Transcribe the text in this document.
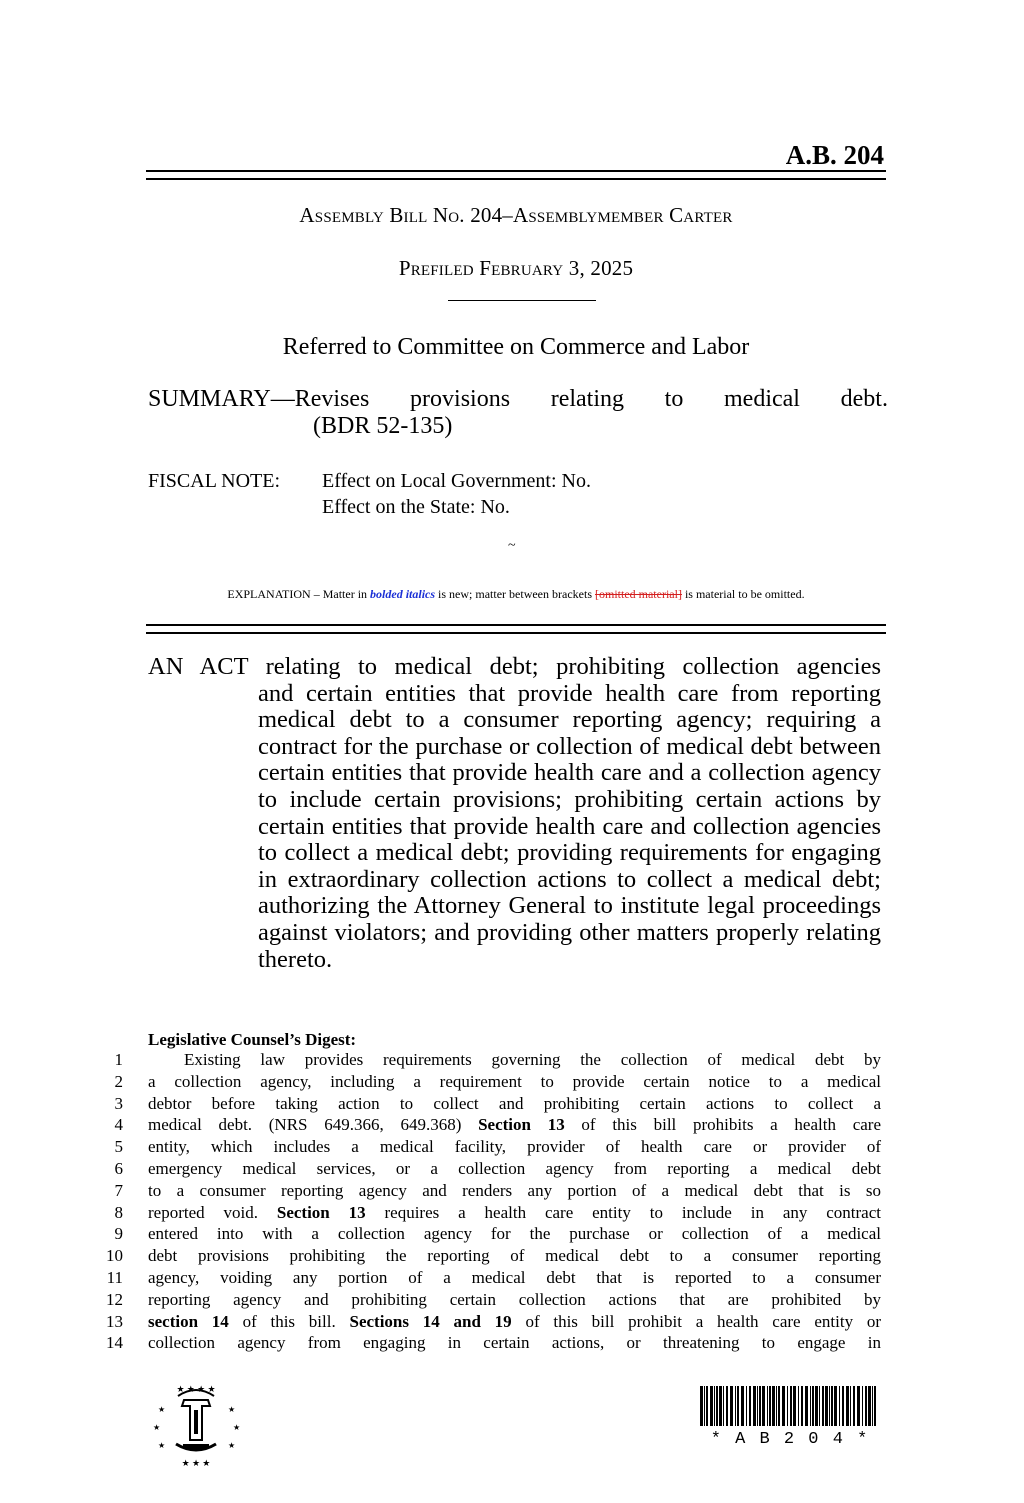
A.B. 204
Assembly Bill No. 204–Assemblymember Carter
Prefiled February 3, 2025
Referred to Committee on Commerce and Labor
SUMMARY—Revises provisions relating to medical debt.
(BDR 52-135)
FISCAL NOTE: Effect on Local Government: No.
Effect on the State: No.
~
EXPLANATION – Matter in bolded italics is new; matter between brackets [omitted material] is material to be omitted.
AN ACT relating to medical debt; prohibiting collection agencies
and certain entities that provide health care from reporting medical debt to a consumer reporting agency; requiring a contract for the purchase or collection of medical debt between certain entities that provide health care and a collection agency to include certain provisions; prohibiting certain actions by certain entities that provide health care and collection agencies to collect a medical debt; providing requirements for engaging in extraordinary collection actions to collect a medical debt; authorizing the Attorney General to institute legal proceedings against violators; and providing other matters properly relating thereto.
Legislative Counsel’s Digest:
1	Existing law provides requirements governing the collection of medical debt by
2 a collection agency, including a requirement to provide certain notice to a medical
3 debtor before taking action to collect and prohibiting certain actions to collect a
4 medical debt. (NRS 649.366, 649.368) Section 13 of this bill prohibits a health care
5 entity, which includes a medical facility, provider of health care or provider of
6 emergency medical services, or a collection agency from reporting a medical debt
7 to a consumer reporting agency and renders any portion of a medical debt that is so
8 reported void. Section 13 requires a health care entity to include in any contract
9 entered into with a collection agency for the purchase or collection of a medical
10 debt provisions prohibiting the reporting of medical debt to a consumer reporting
11 agency, voiding any portion of a medical debt that is reported to a consumer
12 reporting agency and prohibiting certain collection actions that are prohibited by
13 section 14 of this bill. Sections 14 and 19 of this bill prohibit a health care entity or
14 collection agency from engaging in certain actions, or threatening to engage in
★ ★ ★ ★
★	★
★	★
★	★
★ ★ ★
* A B 2 0 4 *
